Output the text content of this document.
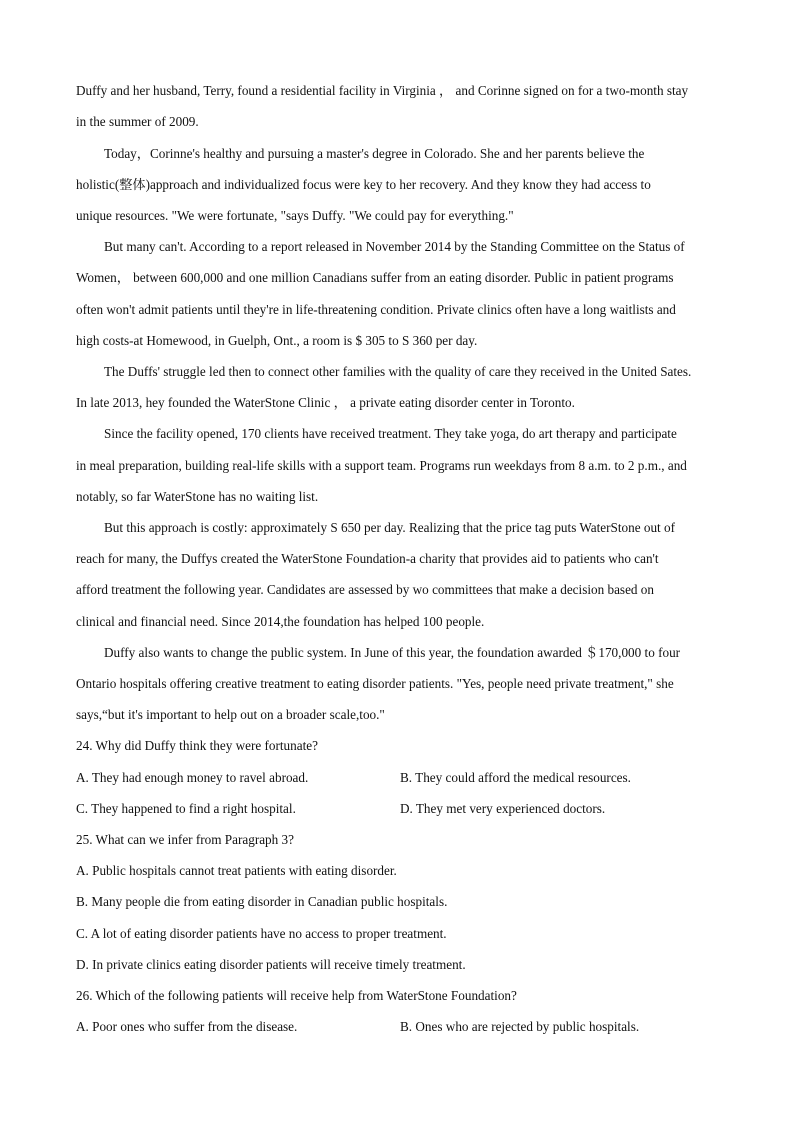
Duffy and her husband, Terry, found a residential facility in Virginia ， and Corinne signed on for a two-month stay
in the summer of 2009.
Today，Corinne's healthy and pursuing a master's degree in Colorado. She and her parents believe the
holistic(整体)approach and individualized focus were key to her recovery. And they know they had access to
unique resources. "We were fortunate, "says Duffy. "We could pay for everything."
But many can't. According to a report released in November 2014 by the Standing Committee on the Status of
Women， between 600,000 and one million Canadians suffer from an eating disorder. Public in patient programs
often won't admit patients until they're in life-threatening condition. Private clinics often have a long waitlists and
high costs-at Homewood, in Guelph, Ont., a room is $ 305 to S 360 per day.
The Duffs' struggle led then to connect other families with the quality of care they received in the United Sates.
In late 2013, hey founded the WaterStone Clinic ， a private eating disorder center in Toronto.
Since the facility opened, 170 clients have received treatment. They take yoga, do art therapy and participate
in meal preparation, building real-life skills with a support team. Programs run weekdays from 8 a.m. to 2 p.m., and
notably, so far WaterStone has no waiting list.
But this approach is costly: approximately S 650 per day. Realizing that the price tag puts WaterStone out of
reach for many, the Duffys created the WaterStone Foundation-a charity that provides aid to patients who can't
afford treatment the following year. Candidates are assessed by wo committees that make a decision based on
clinical and financial need. Since 2014,the foundation has helped 100 people.
Duffy also wants to change the public system. In June of this year, the foundation awarded ＄170,000 to four
Ontario hospitals offering creative treatment to eating disorder patients. "Yes, people need private treatment," she
says,“but it's important to help out on a broader scale,too."
24. Why did Duffy think they were fortunate?
A. They had enough money to ravel abroad.	B. They could afford the medical resources.
C. They happened to find a right hospital.	D. They met very experienced doctors.
25. What can we infer from Paragraph 3?
A. Public hospitals cannot treat patients with eating disorder.
B. Many people die from eating disorder in Canadian public hospitals.
C. A lot of eating disorder patients have no access to proper treatment.
D. In private clinics eating disorder patients will receive timely treatment.
26. Which of the following patients will receive help from WaterStone Foundation?
A. Poor ones who suffer from the disease.	B. Ones who are rejected by public hospitals.
